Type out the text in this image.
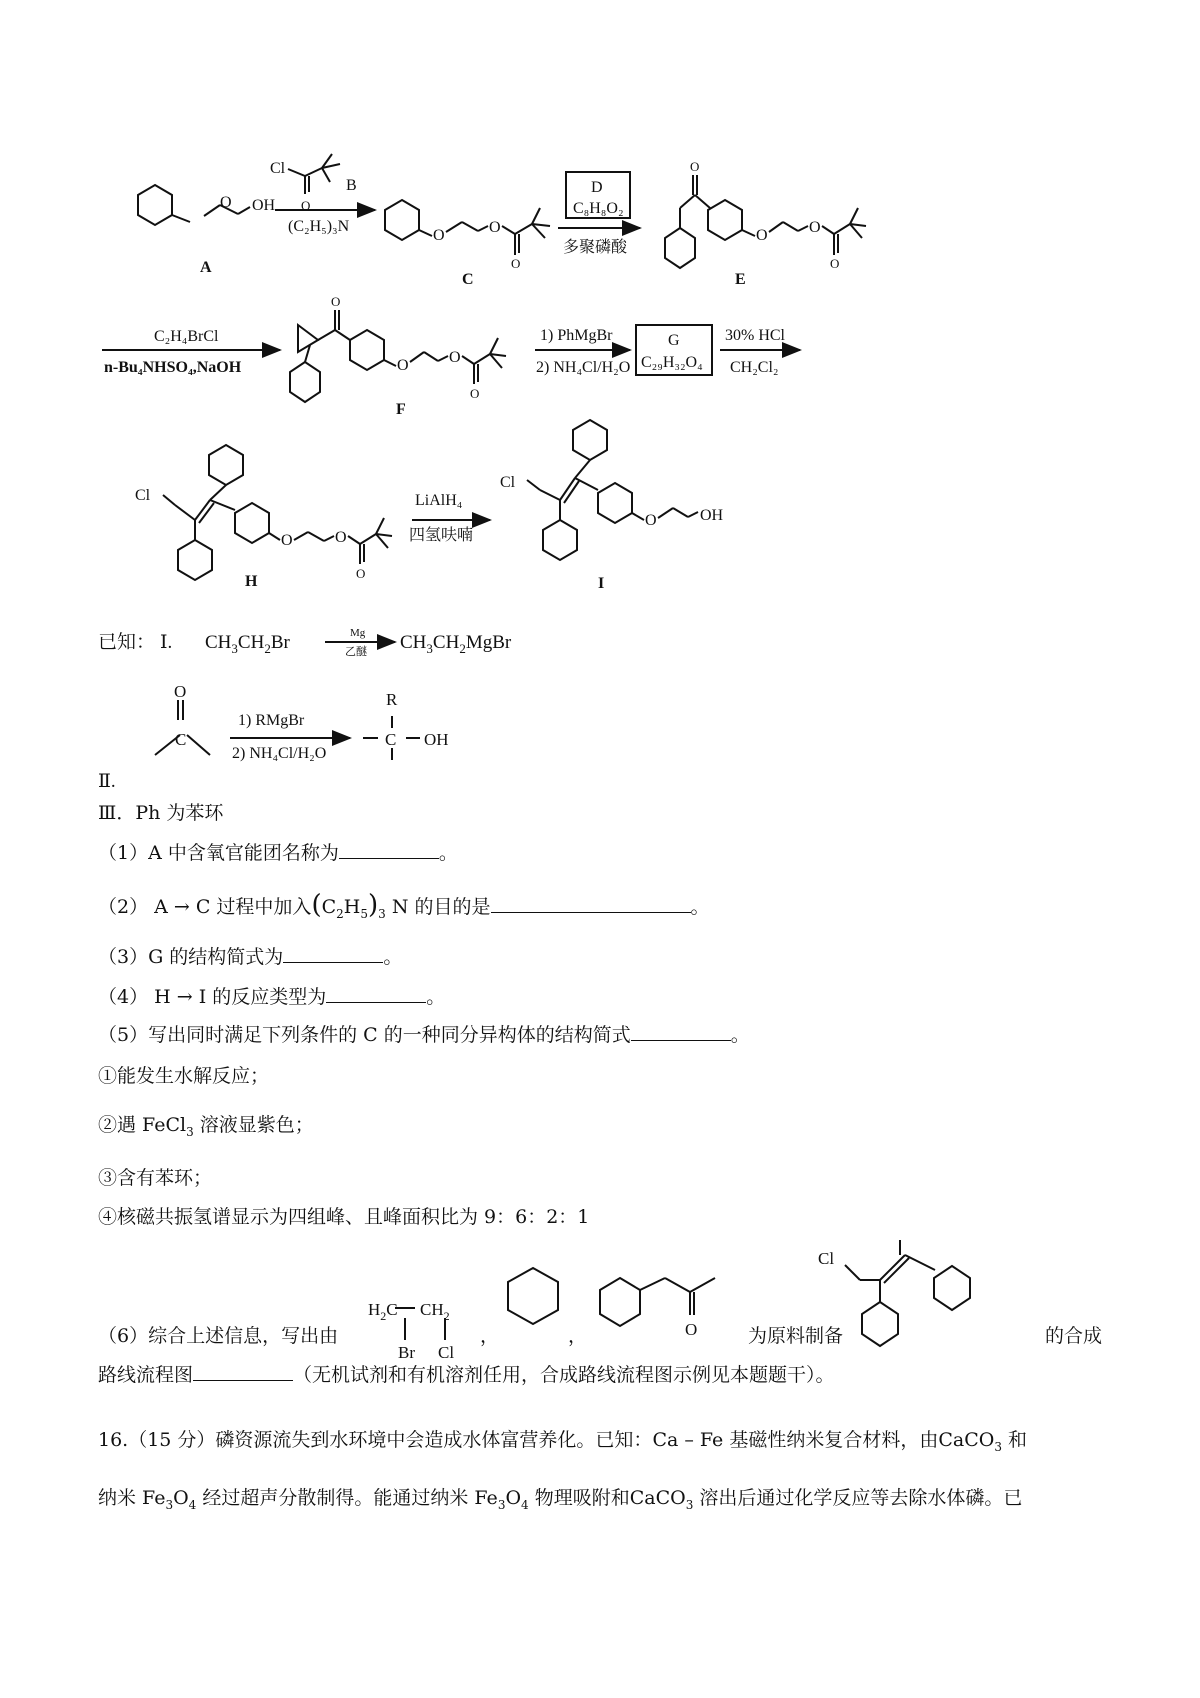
O OH
A
Cl
O
B
(C₂H₅)₃N
O	O
O
C
D
C₈H₈O₂
多聚磷酸
O
O	O
O
E
C₂H₄BrCl
n-Bu₄NHSO₄,NaOH
O
O	O
O
F
1) PhMgBr
2) NH₄Cl/H₂O
G
C₂₉H₃₂O₄
30% HCl
CH₂Cl₂
Cl
O	O
O
H
LiAlH₄
四氢呋喃
Cl
O	OH
I
已知： Ⅰ. $CH_3CH_2Br$	Mg
乙醚 $CH_3CH_2MgBr$
O
C
1) RMgBr
2) NH₄Cl/H₂O
R
C OH
Ⅱ.
Ⅲ．Ph 为苯环
（1）A 中含氧官能团名称为	。
（2） A → C 过程中加入$(C_2H_5)_3$ N 的目的是	。
（3）G 的结构简式为	。
（4） H → I 的反应类型为	。
（5）写出同时满足下列条件的 C 的一种同分异构体的结构简式	。
①能发生水解反应；
②遇 FeCl$_3$ 溶液显紫色；
③含有苯环；
④核磁共振氢谱显示为四组峰、且峰面积比为 9：6：2：1
$H_2C$ $CH_2$
Br Cl
O
Cl
（6）综合上述信息，写出由	，	，	为原料制备	的合成
路线流程图	（无机试剂和有机溶剂任用，合成路线流程图示例见本题题干）。
16.（15 分）磷资源流失到水环境中会造成水体富营养化。已知：Ca – Fe 基磁性纳米复合材料，由CaCO$_3$ 和
纳米 $Fe_3O_4$ 经过超声分散制得。能通过纳米 $Fe_3O_4$ 物理吸附和CaCO$_3$ 溶出后通过化学反应等去除水体磷。已
